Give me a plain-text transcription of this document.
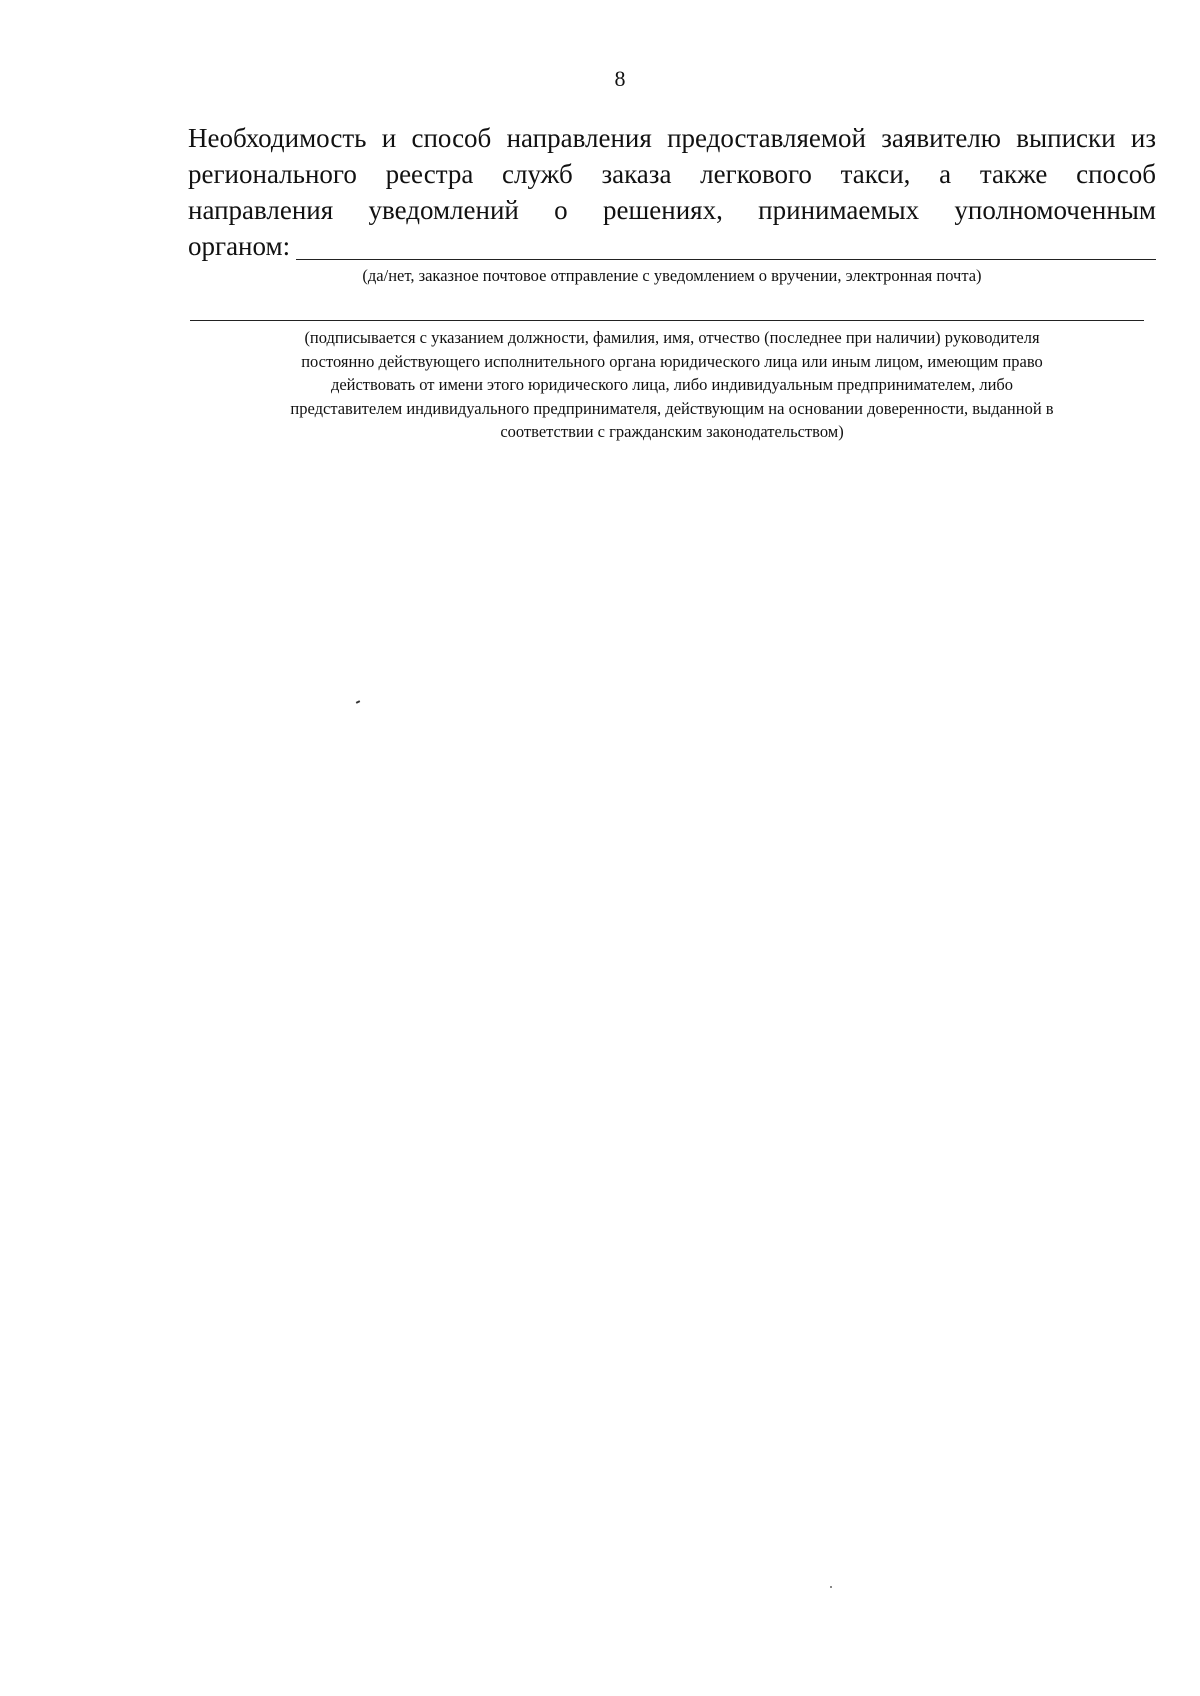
8
Необходимость и способ направления предоставляемой заявителю выписки из
регионального реестра служб заказа легкового такси, а также способ
направления уведомлений о решениях, принимаемых уполномоченным
органом:
(да/нет, заказное почтовое отправление с уведомлением о вручении, электронная почта)
(подписывается с указанием должности, фамилия, имя, отчество (последнее при наличии) руководителя
постоянно действующего исполнительного органа юридического лица или иным лицом, имеющим право
действовать от имени этого юридического лица, либо индивидуальным предпринимателем, либо
представителем индивидуального предпринимателя, действующим на основании доверенности, выданной в
соответствии с гражданским законодательством)
